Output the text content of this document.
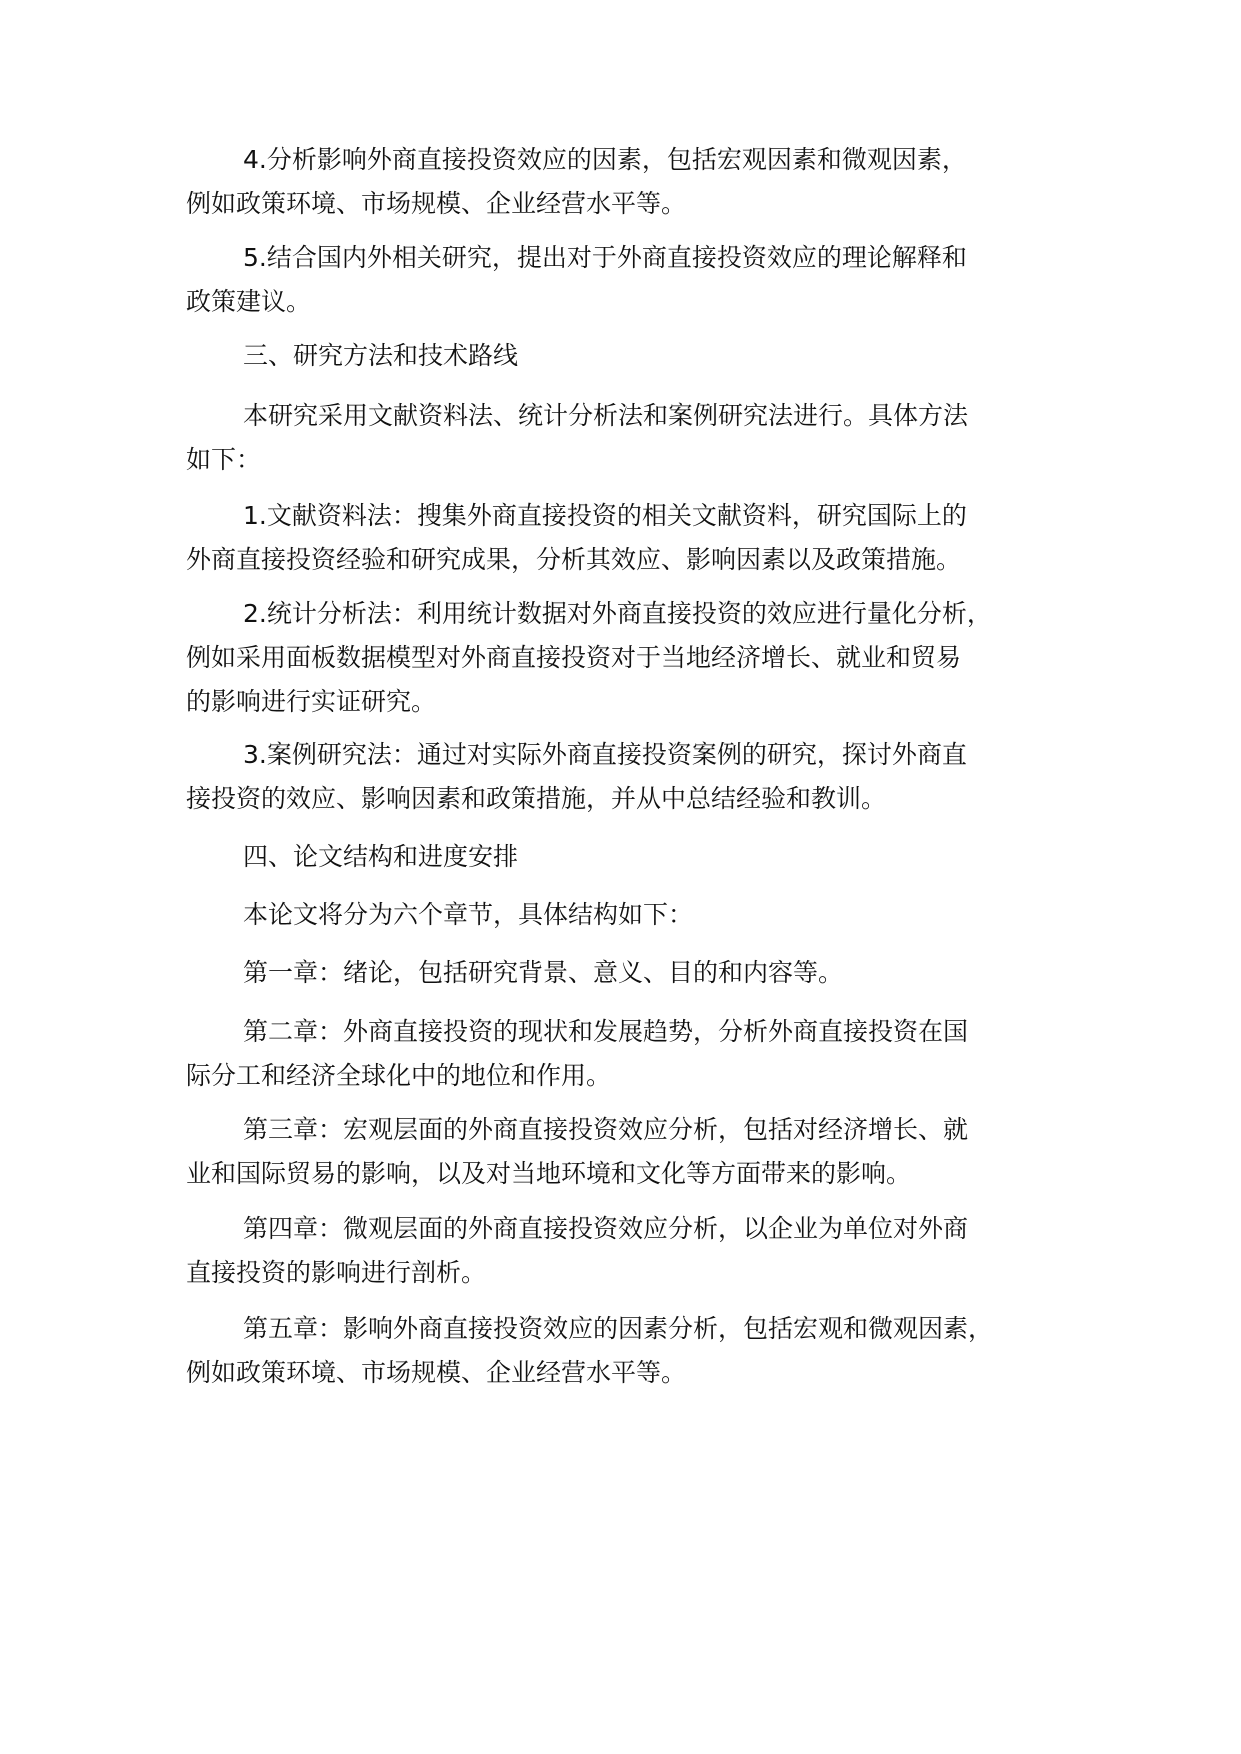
4.分析影响外商直接投资效应的因素，包括宏观因素和微观因素，
例如政策环境、市场规模、企业经营水平等。
5.结合国内外相关研究，提出对于外商直接投资效应的理论解释和
政策建议。
三、研究方法和技术路线
本研究采用文献资料法、统计分析法和案例研究法进行。具体方法
如下：
1.文献资料法：搜集外商直接投资的相关文献资料，研究国际上的
外商直接投资经验和研究成果，分析其效应、影响因素以及政策措施。
2.统计分析法：利用统计数据对外商直接投资的效应进行量化分析，
例如采用面板数据模型对外商直接投资对于当地经济增长、就业和贸易
的影响进行实证研究。
3.案例研究法：通过对实际外商直接投资案例的研究，探讨外商直
接投资的效应、影响因素和政策措施，并从中总结经验和教训。
四、论文结构和进度安排
本论文将分为六个章节，具体结构如下：
第一章：绪论，包括研究背景、意义、目的和内容等。
第二章：外商直接投资的现状和发展趋势，分析外商直接投资在国
际分工和经济全球化中的地位和作用。
第三章：宏观层面的外商直接投资效应分析，包括对经济增长、就
业和国际贸易的影响，以及对当地环境和文化等方面带来的影响。
第四章：微观层面的外商直接投资效应分析，以企业为单位对外商
直接投资的影响进行剖析。
第五章：影响外商直接投资效应的因素分析，包括宏观和微观因素，
例如政策环境、市场规模、企业经营水平等。
